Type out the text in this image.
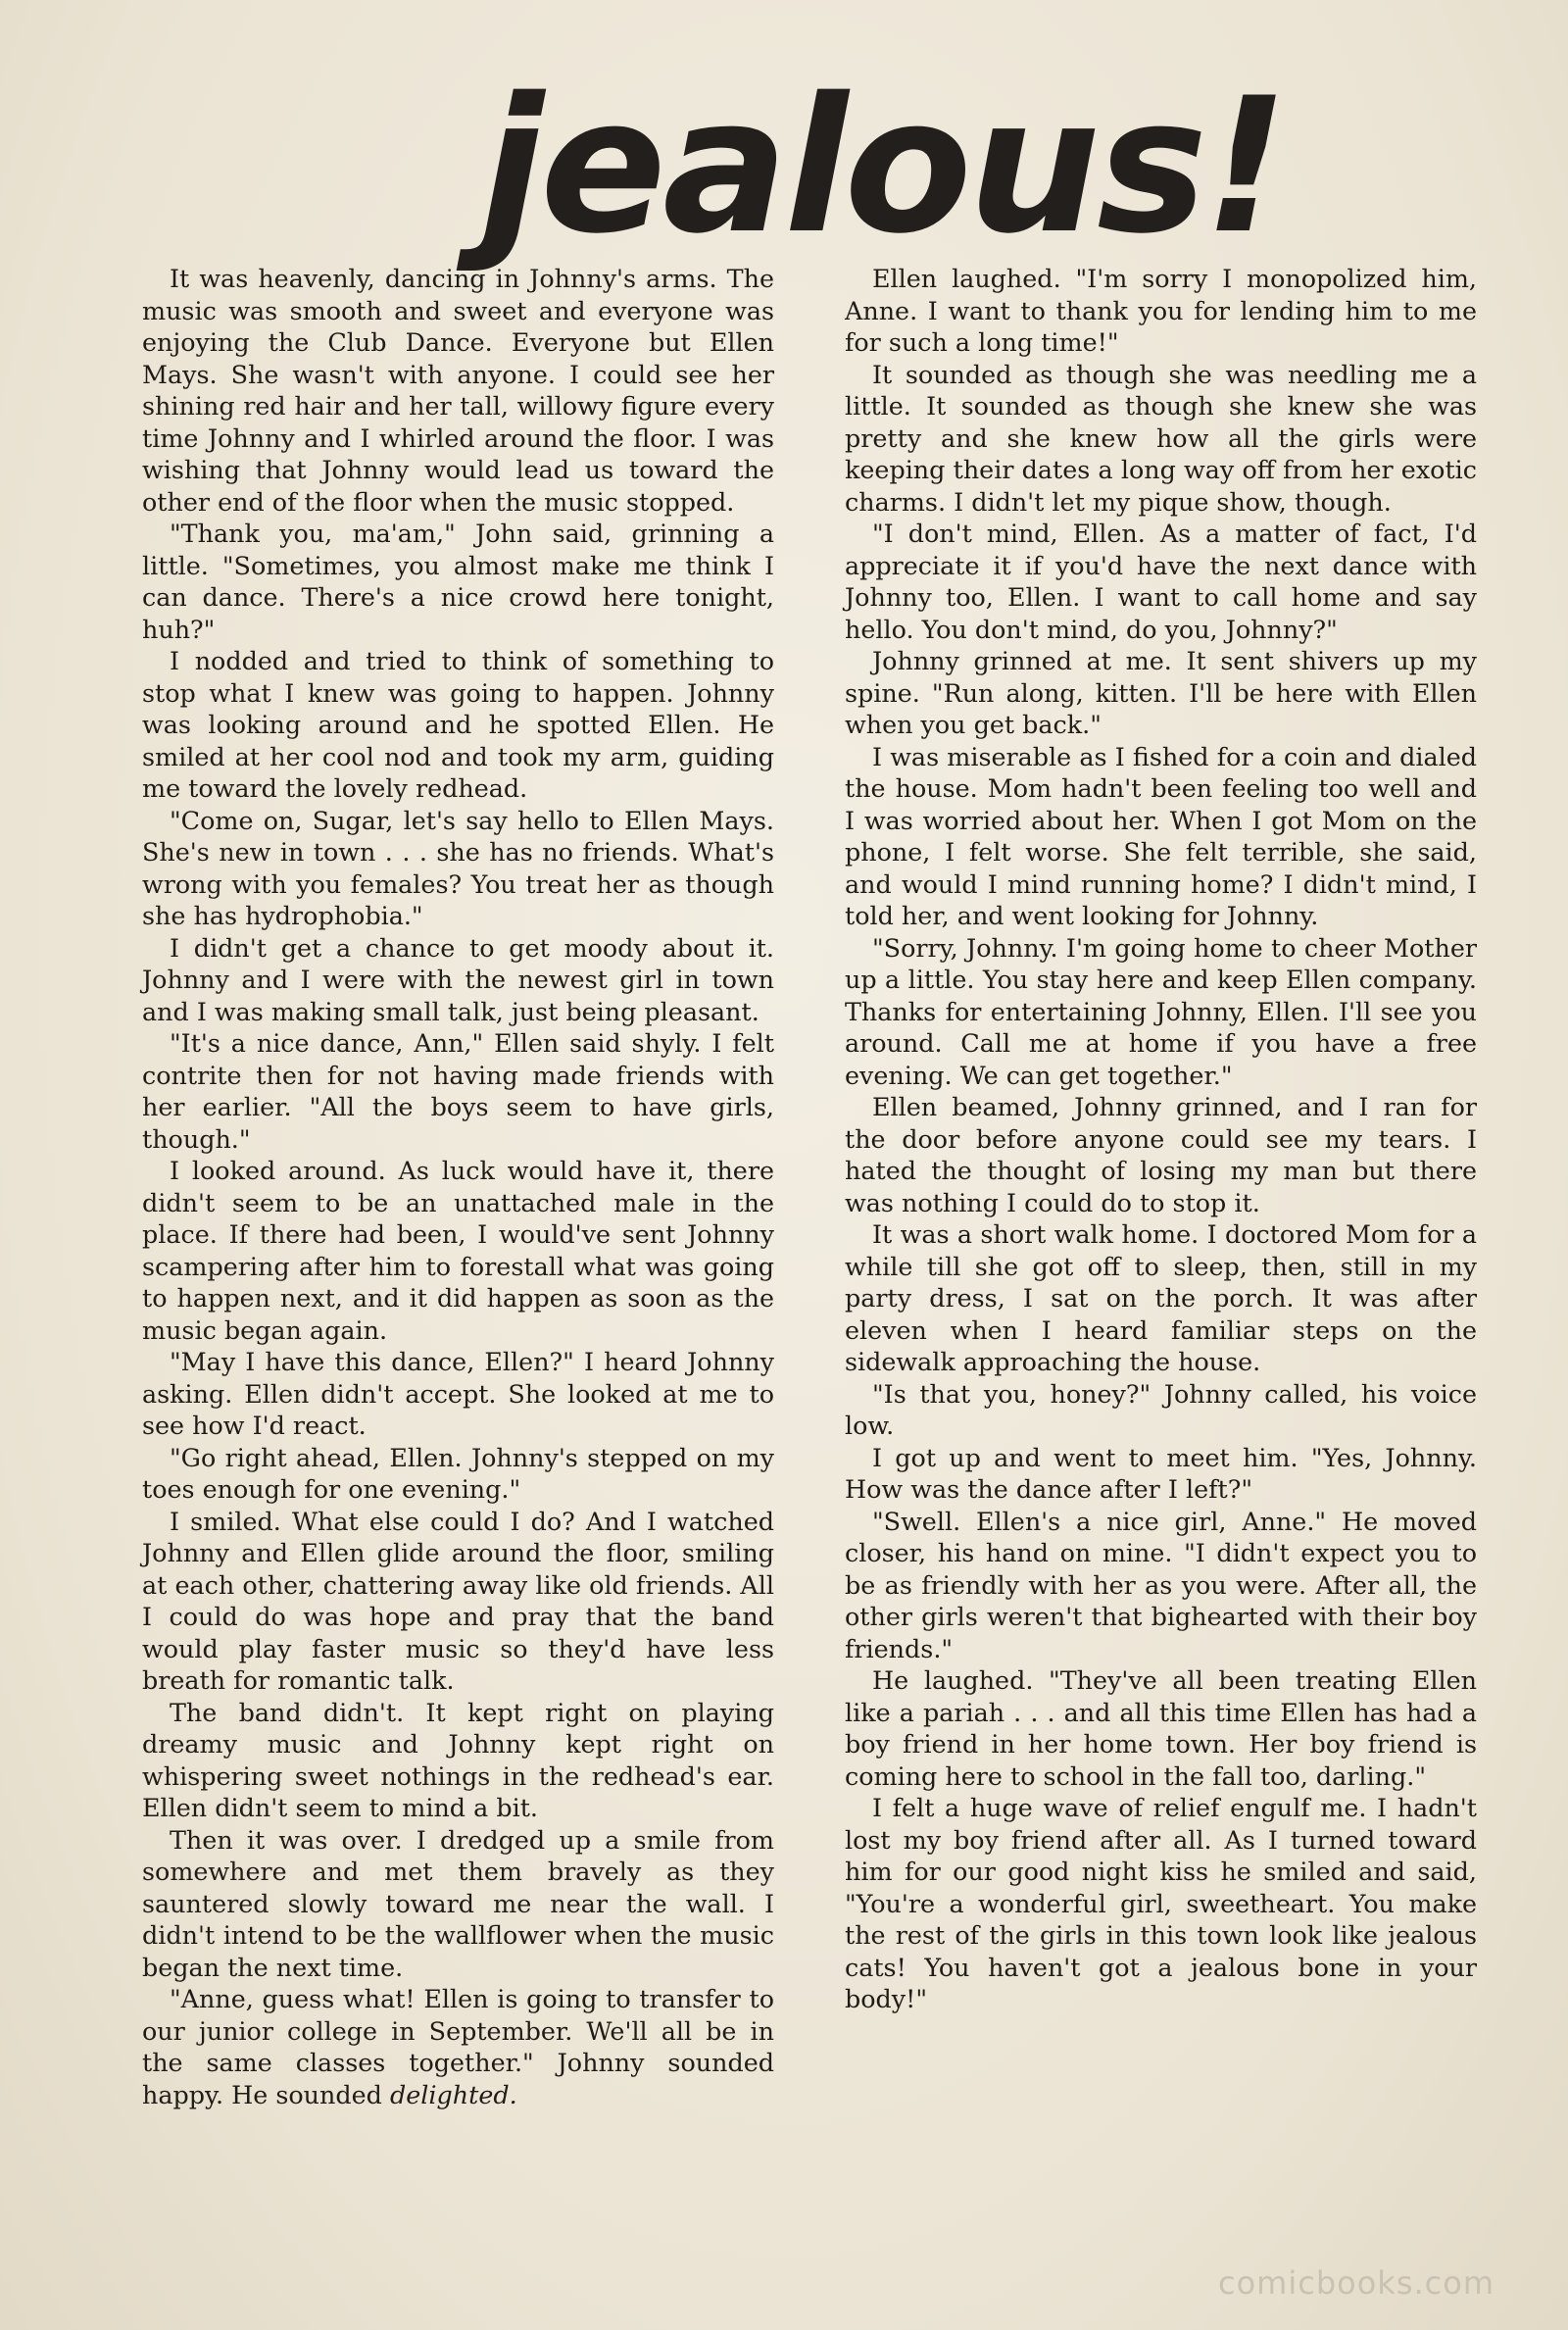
jealous!

It was heavenly, dancing in Johnny's arms. The music was smooth and sweet and everyone was enjoying the Club Dance. Everyone but Ellen Mays. She wasn't with anyone. I could see her shining red hair and her tall, willowy figure every time Johnny and I whirled around the floor. I was wishing that Johnny would lead us toward the other end of the floor when the music stopped.

"Thank you, ma'am," John said, grinning a little. "Sometimes, you almost make me think I can dance. There's a nice crowd here tonight, huh?"

I nodded and tried to think of something to stop what I knew was going to happen. Johnny was looking around and he spotted Ellen. He smiled at her cool nod and took my arm, guiding me toward the lovely redhead.

"Come on, Sugar, let's say hello to Ellen Mays. She's new in town . . . she has no friends. What's wrong with you females? You treat her as though she has hydrophobia."

I didn't get a chance to get moody about it. Johnny and I were with the newest girl in town and I was making small talk, just being pleasant.

"It's a nice dance, Ann," Ellen said shyly. I felt contrite then for not having made friends with her earlier. "All the boys seem to have girls, though."

I looked around. As luck would have it, there didn't seem to be an unattached male in the place. If there had been, I would've sent Johnny scampering after him to forestall what was going to happen next, and it did happen as soon as the music began again.

"May I have this dance, Ellen?" I heard Johnny asking. Ellen didn't accept. She looked at me to see how I'd react.

"Go right ahead, Ellen. Johnny's stepped on my toes enough for one evening."

I smiled. What else could I do? And I watched Johnny and Ellen glide around the floor, smiling at each other, chattering away like old friends. All I could do was hope and pray that the band would play faster music so they'd have less breath for romantic talk.

The band didn't. It kept right on playing dreamy music and Johnny kept right on whispering sweet nothings in the redhead's ear. Ellen didn't seem to mind a bit.

Then it was over. I dredged up a smile from somewhere and met them bravely as they sauntered slowly toward me near the wall. I didn't intend to be the wallflower when the music began the next time.

"Anne, guess what! Ellen is going to transfer to our junior college in September. We'll all be in the same classes together." Johnny sounded happy. He sounded delighted.

Ellen laughed. "I'm sorry I monopolized him, Anne. I want to thank you for lending him to me for such a long time!"

It sounded as though she was needling me a little. It sounded as though she knew she was pretty and she knew how all the girls were keeping their dates a long way off from her exotic charms. I didn't let my pique show, though.

"I don't mind, Ellen. As a matter of fact, I'd appreciate it if you'd have the next dance with Johnny too, Ellen. I want to call home and say hello. You don't mind, do you, Johnny?"

Johnny grinned at me. It sent shivers up my spine. "Run along, kitten. I'll be here with Ellen when you get back."

I was miserable as I fished for a coin and dialed the house. Mom hadn't been feeling too well and I was worried about her. When I got Mom on the phone, I felt worse. She felt terrible, she said, and would I mind running home? I didn't mind, I told her, and went looking for Johnny.

"Sorry, Johnny. I'm going home to cheer Mother up a little. You stay here and keep Ellen company. Thanks for entertaining Johnny, Ellen. I'll see you around. Call me at home if you have a free evening. We can get together."

Ellen beamed, Johnny grinned, and I ran for the door before anyone could see my tears. I hated the thought of losing my man but there was nothing I could do to stop it.

It was a short walk home. I doctored Mom for a while till she got off to sleep, then, still in my party dress, I sat on the porch. It was after eleven when I heard familiar steps on the sidewalk approaching the house.

"Is that you, honey?" Johnny called, his voice low.

I got up and went to meet him. "Yes, Johnny. How was the dance after I left?"

"Swell. Ellen's a nice girl, Anne." He moved closer, his hand on mine. "I didn't expect you to be as friendly with her as you were. After all, the other girls weren't that bighearted with their boy friends."

He laughed. "They've all been treating Ellen like a pariah . . . and all this time Ellen has had a boy friend in her home town. Her boy friend is coming here to school in the fall too, darling."

I felt a huge wave of relief engulf me. I hadn't lost my boy friend after all. As I turned toward him for our good night kiss he smiled and said, "You're a wonderful girl, sweetheart. You make the rest of the girls in this town look like jealous cats! You haven't got a jealous bone in your body!"

comicbooks.com
